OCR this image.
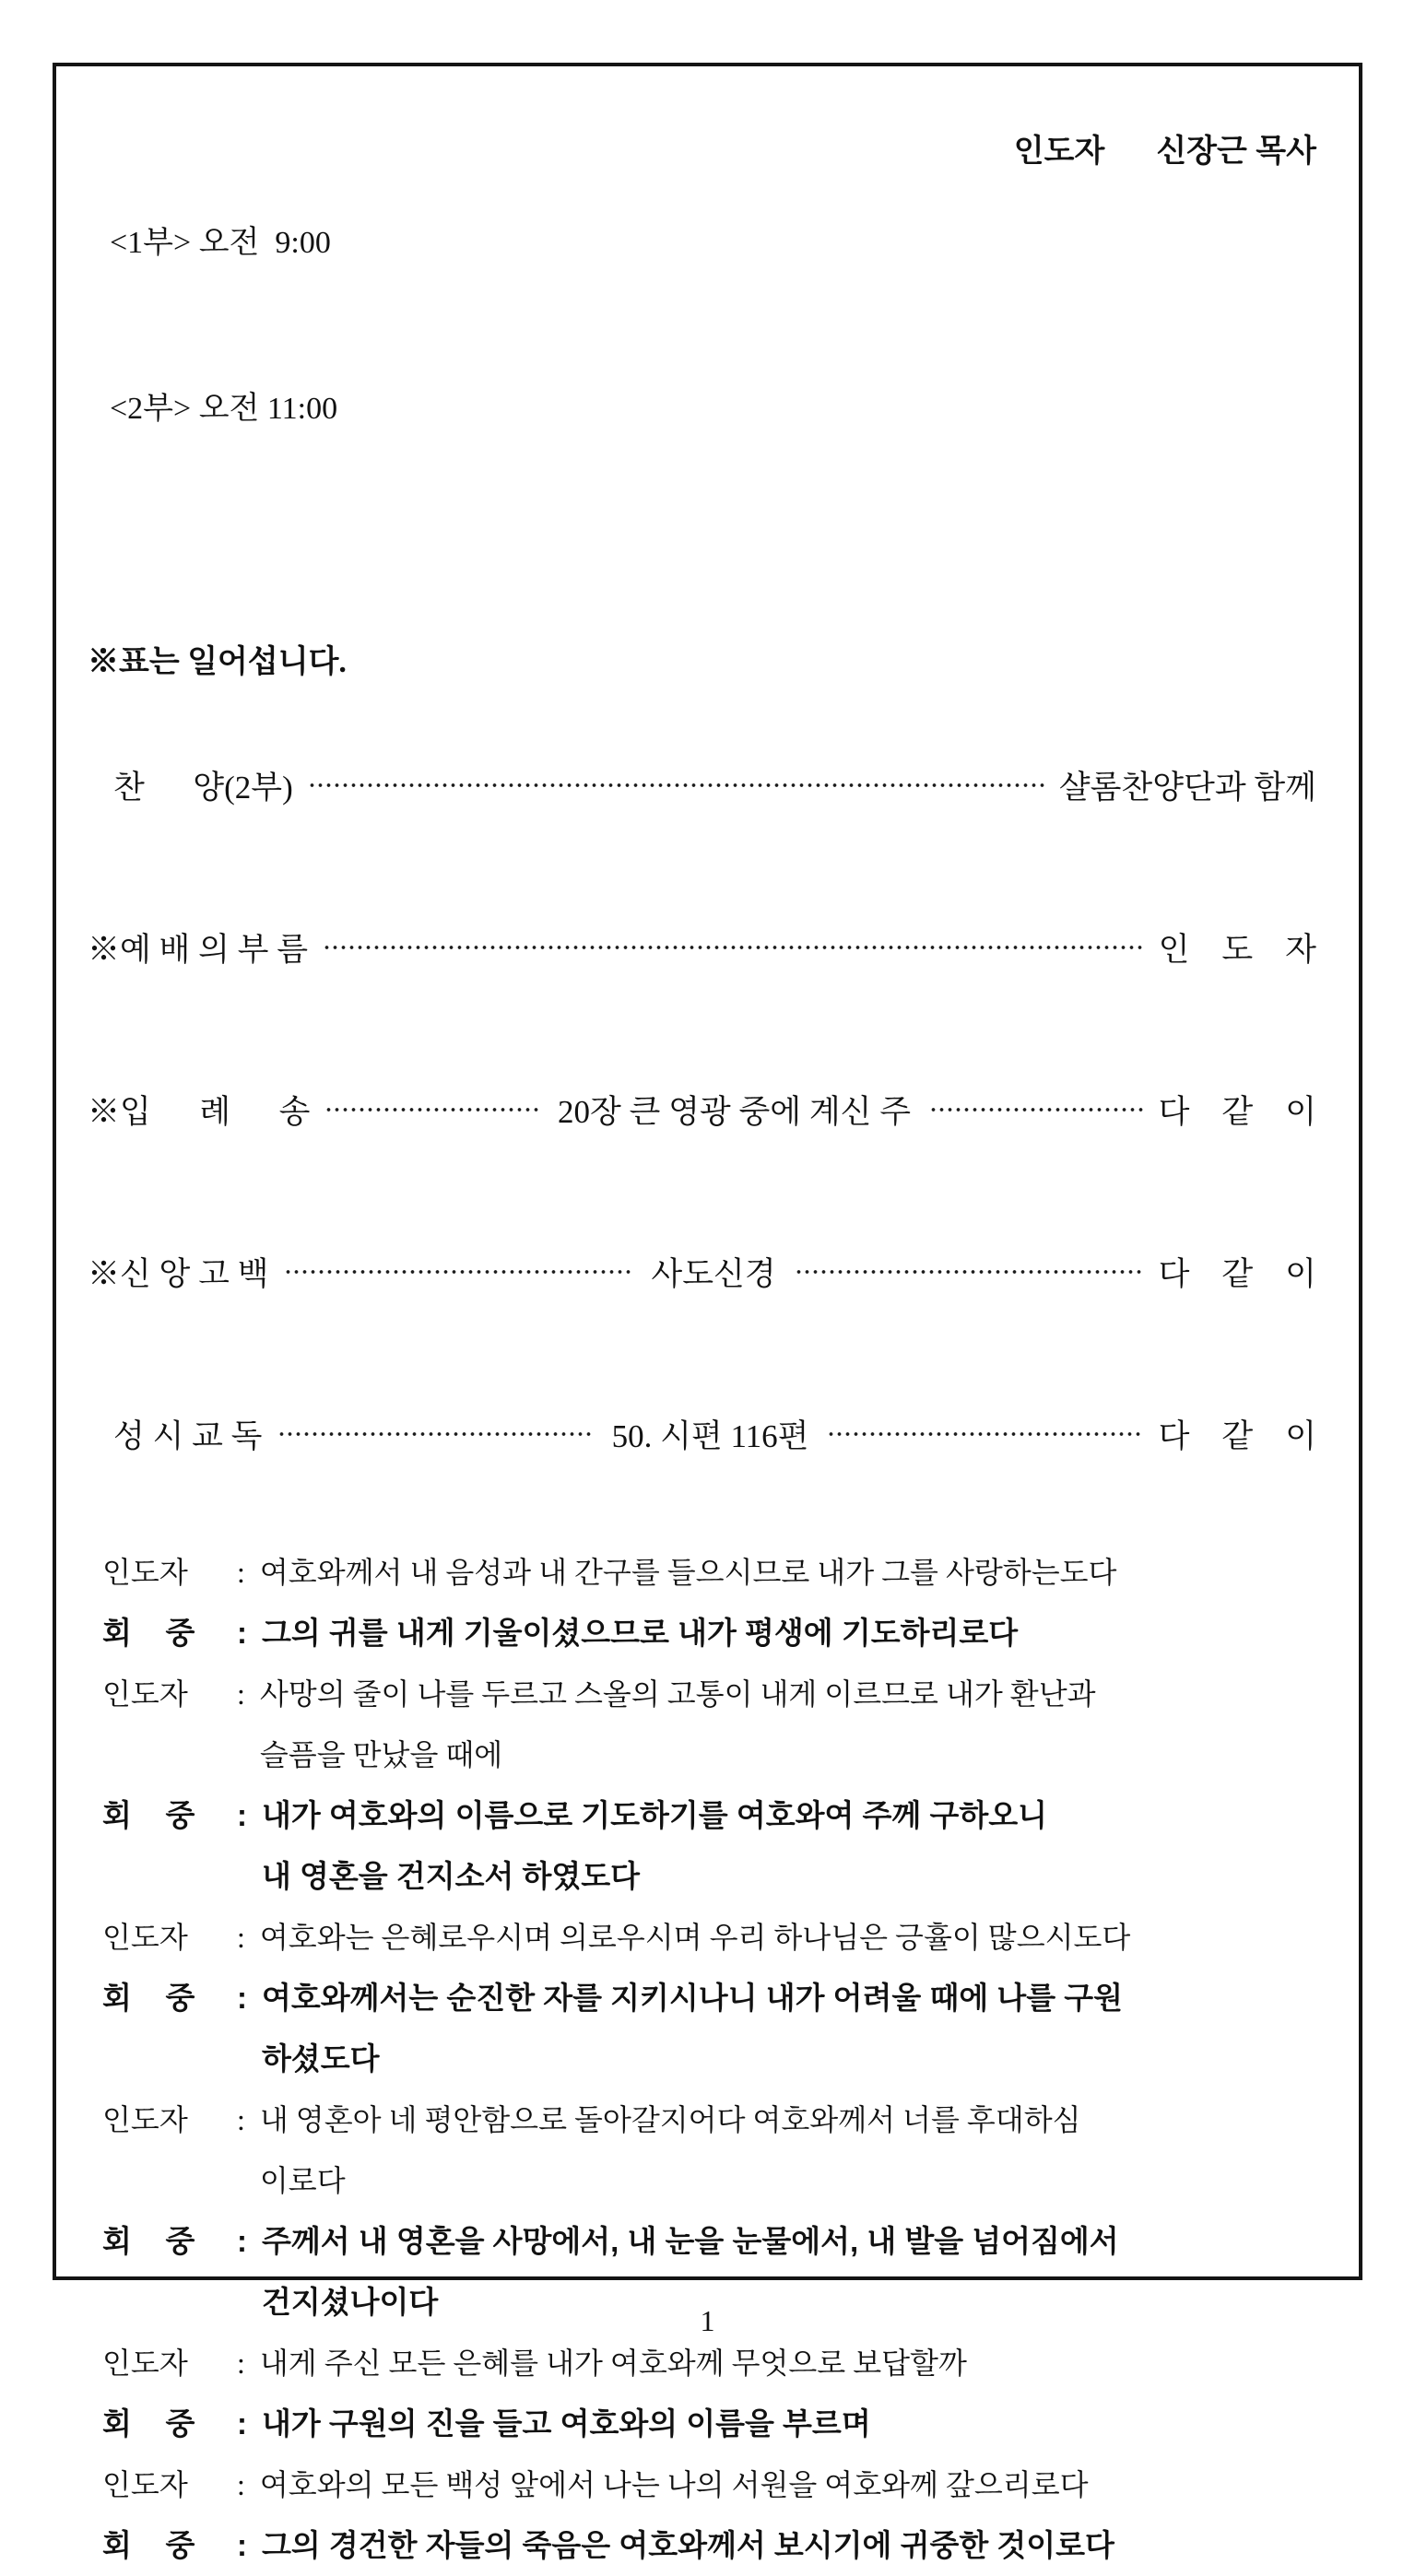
<1부> 오전  9:00

<2부> 오전 11:00

인도자 신장근 목사
※표는 일어섭니다.
찬      양(2부)	샬롬찬양단과 함께
※예 배 의 부 름	인    도    자
※입      례      송	20장 큰 영광 중에 계신 주	다    같    이
※신 앙 고 백	사도신경	다    같    이
성 시 교 독	50. 시편 116편	다    같    이
인도자	: 여호와께서 내 음성과 내 간구를 들으시므로 내가 그를 사랑하는도다
회    중	: 그의 귀를 내게 기울이셨으므로 내가 평생에 기도하리로다
인도자	: 사망의 줄이 나를 두르고 스올의 고통이 내게 이르므로 내가 환난과
슬픔을 만났을 때에
회    중	: 내가 여호와의 이름으로 기도하기를 여호와여 주께 구하오니
내 영혼을 건지소서 하였도다
인도자	: 여호와는 은혜로우시며 의로우시며 우리 하나님은 긍휼이 많으시도다
회    중	: 여호와께서는 순진한 자를 지키시나니 내가 어려울 때에 나를 구원
하셨도다
인도자	: 내 영혼아 네 평안함으로 돌아갈지어다 여호와께서 너를 후대하심
이로다
회    중	: 주께서 내 영혼을 사망에서, 내 눈을 눈물에서, 내 발을 넘어짐에서
건지셨나이다
인도자	: 내게 주신 모든 은혜를 내가 여호와께 무엇으로 보답할까
회    중	: 내가 구원의 진을 들고 여호와의 이름을 부르며
인도자	: 여호와의 모든 백성 앞에서 나는 나의 서원을 여호와께 갚으리로다
회    중	: 그의 경건한 자들의 죽음은 여호와께서 보시기에 귀중한 것이로다
1
